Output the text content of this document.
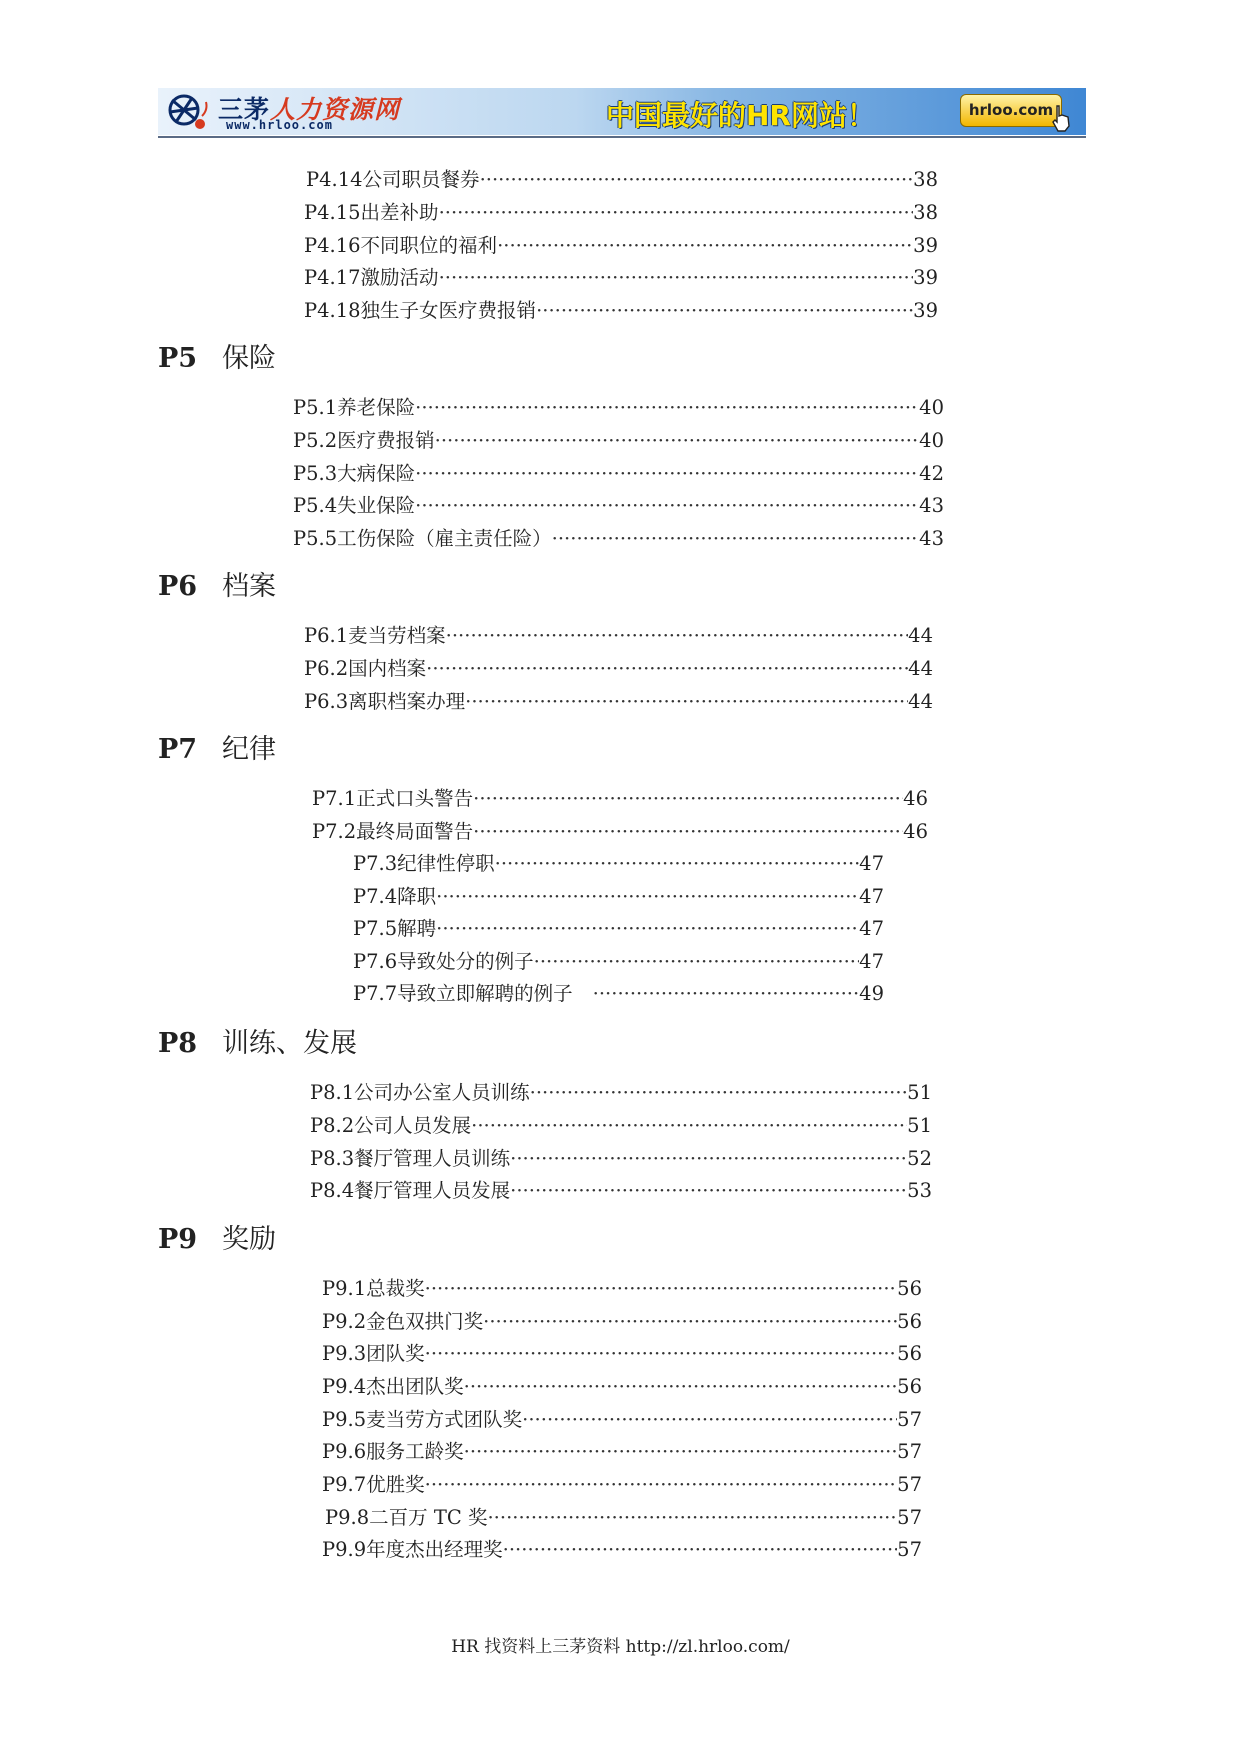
三茅人力资源网
www.hrloo.com	中国最好的HR网站！	hrloo.com
P4.14 公司职员餐券 ·····	38
P4.15 出差补助 ·····	38
P4.16 不同职位的福利 ·····	39
P4.17 激励活动 ·····	39
P4.18 独生子女医疗费报销 ·····	39
P5 保险
P5.1 养老保险 ·····	40
P5.2 医疗费报销 ·····	40
P5.3 大病保险 ·····	42
P5.4 失业保险 ·····	43
P5.5 工伤保险（雇主责任险） ·····	43
P6 档案
P6.1 麦当劳档案 ·····	44
P6.2 国内档案 ·····	44
P6.3 离职档案办理 ·····	44
P7 纪律
P7.1 正式口头警告 ·····	46
P7.2 最终局面警告 ·····	46
P7.3 纪律性停职 ·····	47
P7.4 降职 ·····	47
P7.5 解聘 ·····	47
P7.6 导致处分的例子 ·····	47
P7.7 导致立即解聘的例子 ·····	49
P8 训练、发展
P8.1 公司办公室人员训练 ·····	51
P8.2 公司人员发展 ·····	51
P8.3 餐厅管理人员训练 ·····	52
P8.4 餐厅管理人员发展 ·····	53
P9 奖励
P9.1 总裁奖 ·····	56
P9.2 金色双拱门奖 ·····	56
P9.3 团队奖 ·····	56
P9.4 杰出团队奖 ·····	56
P9.5 麦当劳方式团队奖 ·····	57
P9.6 服务工龄奖 ·····	57
P9.7 优胜奖 ·····	57
P9.8 二百万 TC 奖 ·····	57
P9.9 年度杰出经理奖 ·····	57
HR 找资料上三茅资料 http://zl.hrloo.com/
